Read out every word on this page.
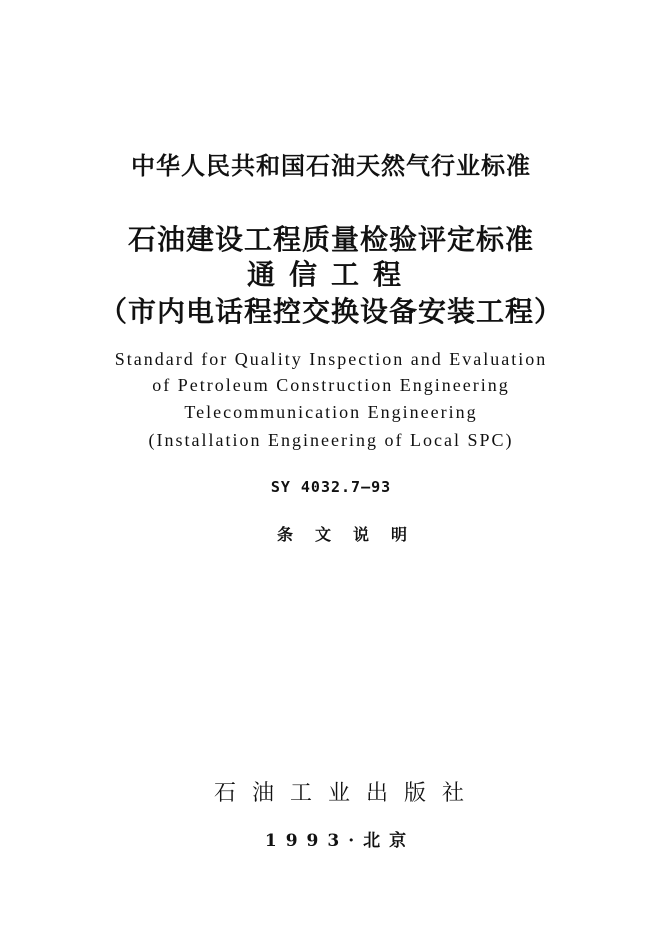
中华人民共和国石油天然气行业标准
石油建设工程质量检验评定标准
通信工程
（市内电话程控交换设备安装工程）
Standard for Quality Inspection and Evaluation
of Petroleum Construction Engineering
Telecommunication Engineering
(Installation Engineering of Local SPC)
SY 4032.7—93
条文说明
石油工业出版社
1993·北京
